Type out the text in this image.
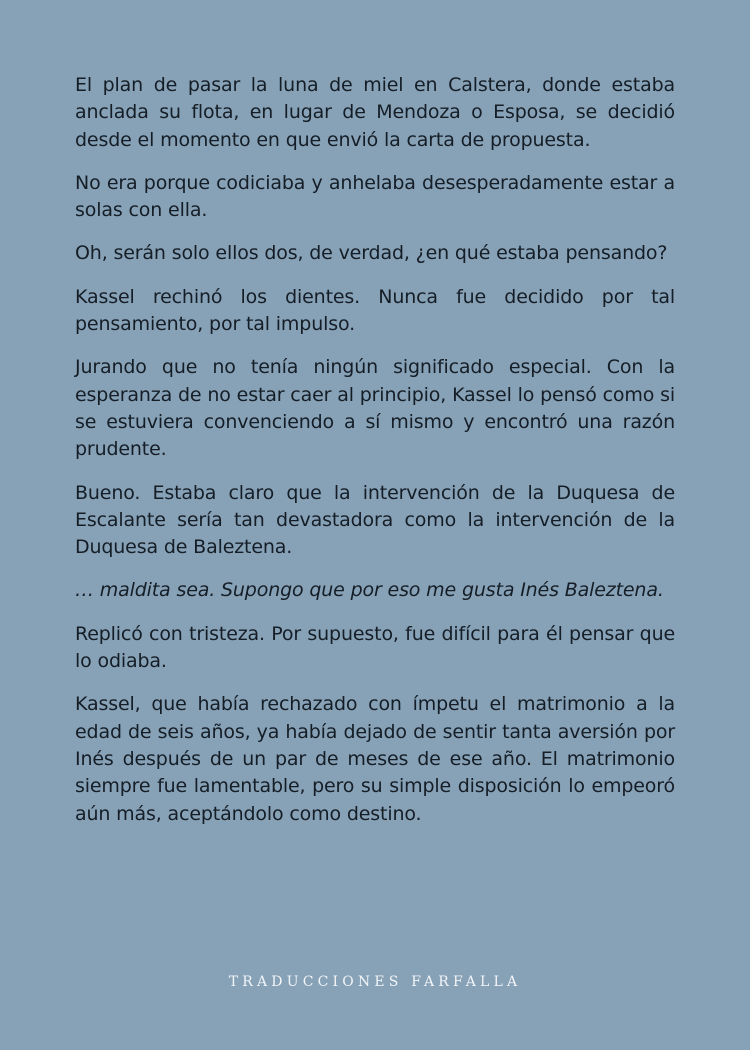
El plan de pasar la luna de miel en Calstera, donde estaba anclada su flota, en lugar de Mendoza o Esposa, se decidió desde el momento en que envió la carta de propuesta.

No era porque codiciaba y anhelaba desesperadamente estar a solas con ella.

Oh, serán solo ellos dos, de verdad, ¿en qué estaba pensando?

Kassel rechinó los dientes. Nunca fue decidido por tal pensamiento, por tal impulso.

Jurando que no tenía ningún significado especial. Con la esperanza de no estar caer al principio, Kassel lo pensó como si se estuviera convenciendo a sí mismo y encontró una razón prudente.

Bueno. Estaba claro que la intervención de la Duquesa de Escalante sería tan devastadora como la intervención de la Duquesa de Baleztena.

… maldita sea. Supongo que por eso me gusta Inés Baleztena.

Replicó con tristeza. Por supuesto, fue difícil para él pensar que lo odiaba.

Kassel, que había rechazado con ímpetu el matrimonio a la edad de seis años, ya había dejado de sentir tanta aversión por Inés después de un par de meses de ese año. El matrimonio siempre fue lamentable, pero su simple disposición lo empeoró aún más, aceptándolo como destino.

TRADUCCIONES FARFALLA
